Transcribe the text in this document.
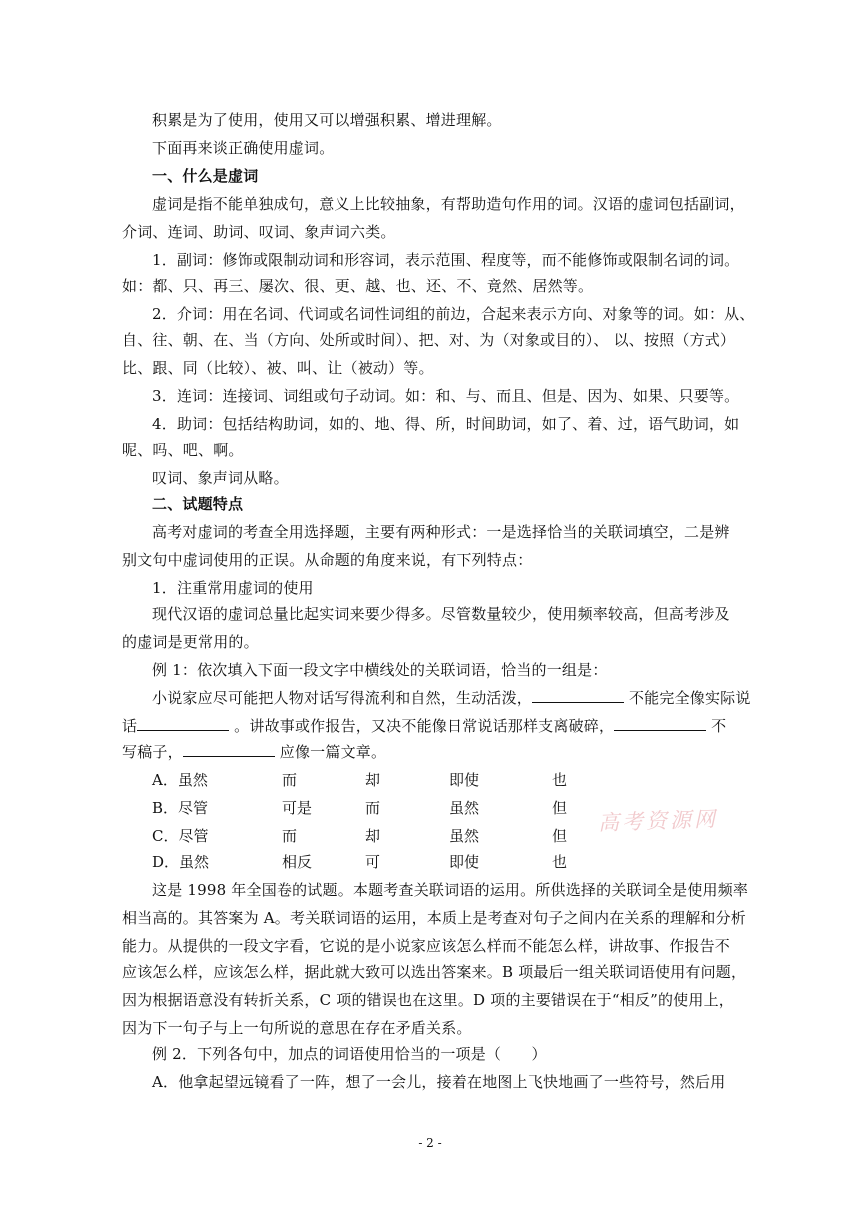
积累是为了使用，使用又可以增强积累、增进理解。
下面再来谈正确使用虚词。
一、什么是虚词
虚词是指不能单独成句，意义上比较抽象，有帮助造句作用的词。汉语的虚词包括副词，
介词、连词、助词、叹词、象声词六类。
1．副词：修饰或限制动词和形容词，表示范围、程度等，而不能修饰或限制名词的词。
如：都、只、再三、屡次、很、更、越、也、还、不、竟然、居然等。
2．介词：用在名词、代词或名词性词组的前边，合起来表示方向、对象等的词。如：从、
自、往、朝、在、当（方向、处所或时间）、把、对、为（对象或目的）、 以、按照（方式）
比、跟、同（比较）、被、叫、让（被动）等。
3．连词：连接词、词组或句子动词。如：和、与、而且、但是、因为、如果、只要等。
4．助词：包括结构助词，如的、地、得、所，时间助词，如了、着、过，语气助词，如
呢、吗、吧、啊。
叹词、象声词从略。
二、试题特点
高考对虚词的考查全用选择题，主要有两种形式：一是选择恰当的关联词填空，二是辨
别文句中虚词使用的正误。从命题的角度来说，有下列特点：
1．注重常用虚词的使用
现代汉语的虚词总量比起实词来要少得多。尽管数量较少，使用频率较高，但高考涉及
的虚词是更常用的。
例 1：依次填入下面一段文字中横线处的关联词语，恰当的一组是：
小说家应尽可能把人物对话写得流利和自然，生动活泼，	不能完全像实际说
话	。讲故事或作报告，又决不能像日常说话那样支离破碎，	不
写稿子，	应像一篇文章。
A．虽然	而	却	即使	也
B．尽管	可是	而	虽然	但
C．尽管	而	却	虽然	但
D．虽然	相反	可	即使	也
高考资源网
这是 1998 年全国卷的试题。本题考查关联词语的运用。所供选择的关联词全是使用频率
相当高的。其答案为 A。考关联词语的运用，本质上是考查对句子之间内在关系的理解和分析
能力。从提供的一段文字看，它说的是小说家应该怎么样而不能怎么样，讲故事、作报告不
应该怎么样，应该怎么样，据此就大致可以选出答案来。B 项最后一组关联词语使用有问题，
因为根据语意没有转折关系，C 项的错误也在这里。D 项的主要错误在于“相反”的使用上，
因为下一句子与上一句所说的意思在存在矛盾关系。
例 2．下列各句中，加点的词语使用恰当的一项是（　　）
A．他拿起望远镜看了一阵，想了一会儿，接着在地图上飞快地画了一些符号，然后用
- 2 -
